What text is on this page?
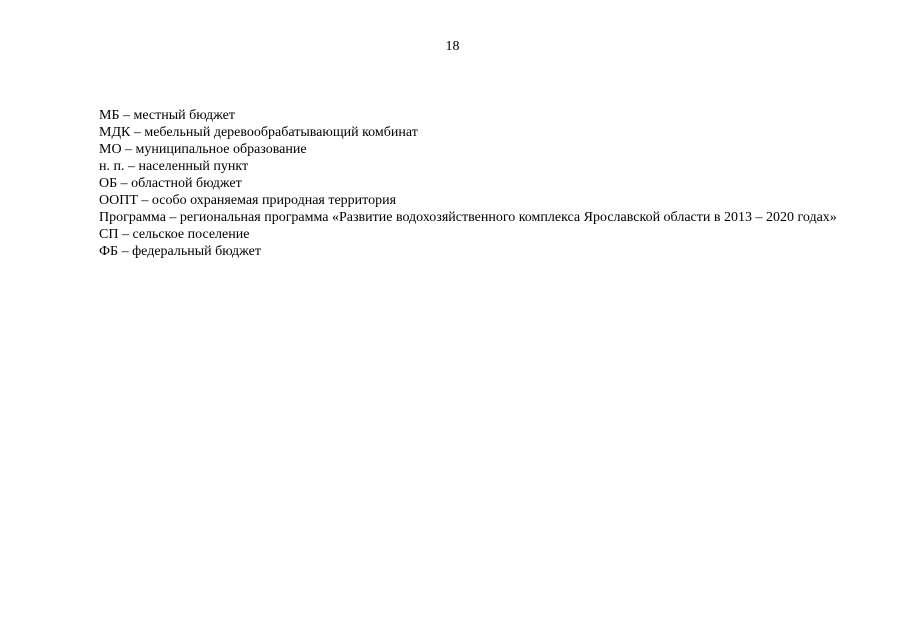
18
МБ – местный бюджет
МДК – мебельный деревообрабатывающий комбинат
МО – муниципальное образование
н. п. – населенный пункт
ОБ – областной бюджет
ООПТ – особо охраняемая природная территория
Программа – региональная программа «Развитие водохозяйственного комплекса Ярославской области в 2013 – 2020 годах»
СП – сельское поселение
ФБ – федеральный бюджет
